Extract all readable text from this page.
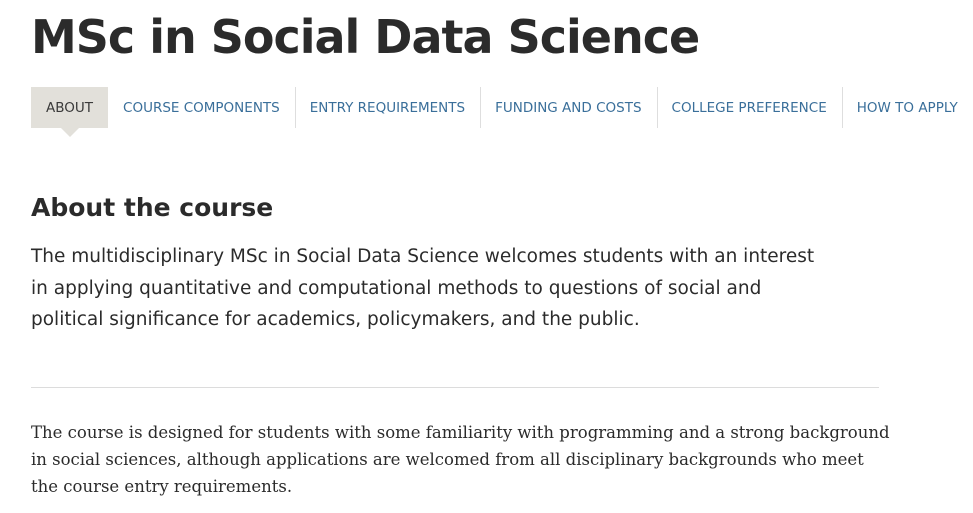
MSc in Social Data Science
ABOUT	COURSE COMPONENTS	ENTRY REQUIREMENTS	FUNDING AND COSTS	COLLEGE PREFERENCE	HOW TO APPLY
About the course

The multidisciplinary MSc in Social Data Science welcomes students with an interest in applying quantitative and computational methods to questions of social and political significance for academics, policymakers, and the public.

The course is designed for students with some familiarity with programming and a strong background in social sciences, although applications are welcomed from all disciplinary backgrounds who meet the course entry requirements.
